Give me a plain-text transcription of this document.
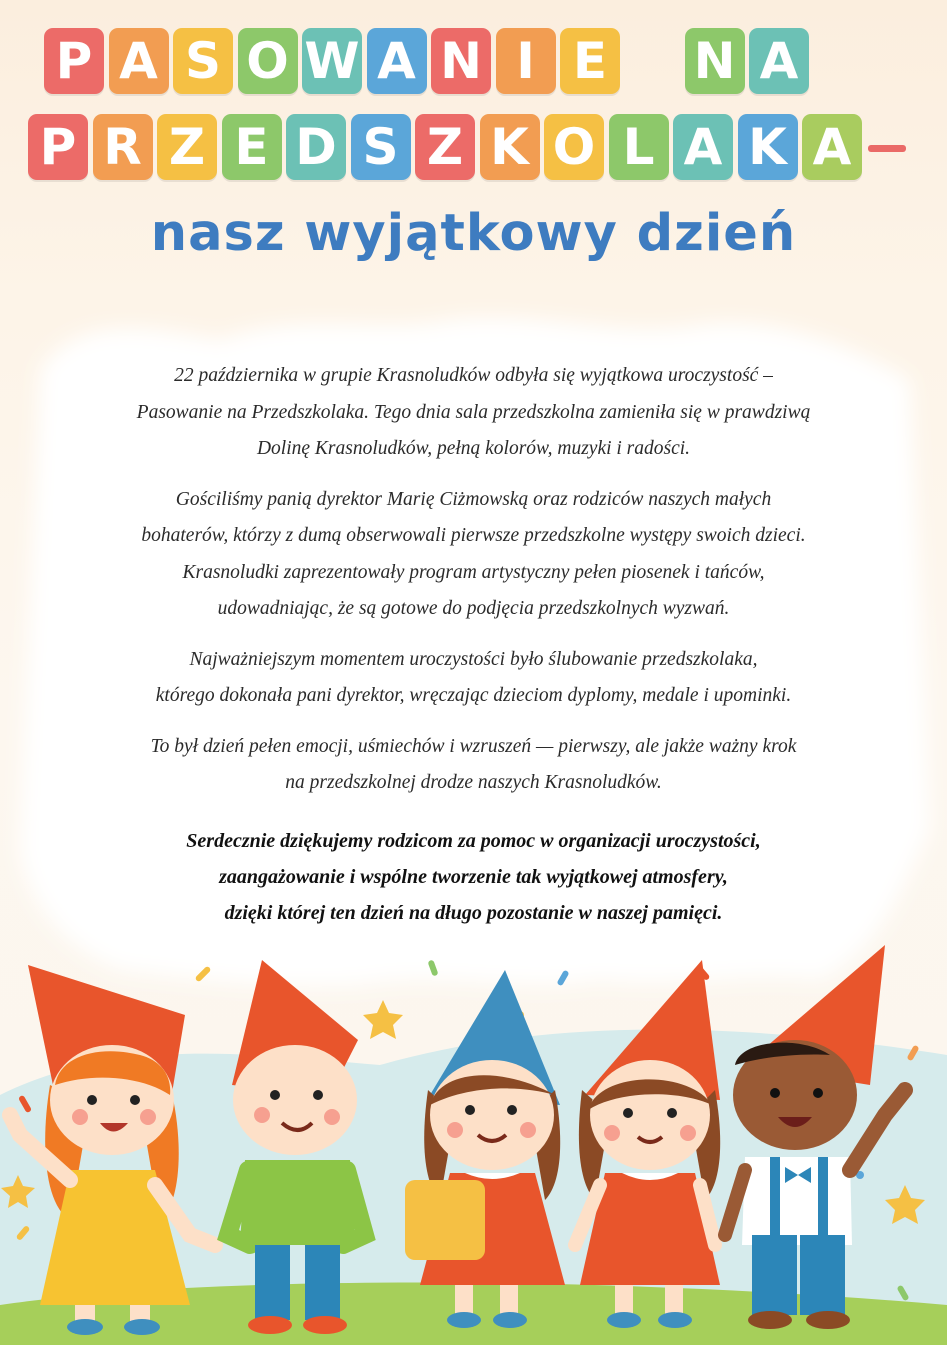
P A S O W A N I E N A
P R Z E D S Z K O L A K A
nasz wyjątkowy dzień

22 października w grupie Krasnoludków odbyła się wyjątkowa uroczystość –
Pasowanie na Przedszkolaka. Tego dnia sala przedszkolna zamieniła się w prawdziwą
Dolinę Krasnoludków, pełną kolorów, muzyki i radości.

Gościliśmy panią dyrektor Marię Ciżmowską oraz rodziców naszych małych
bohaterów, którzy z dumą obserwowali pierwsze przedszkolne występy swoich dzieci.
Krasnoludki zaprezentowały program artystyczny pełen piosenek i tańców,
udowadniając, że są gotowe do podjęcia przedszkolnych wyzwań.

Najważniejszym momentem uroczystości było ślubowanie przedszkolaka,
którego dokonała pani dyrektor, wręczając dzieciom dyplomy, medale i upominki.

To był dzień pełen emocji, uśmiechów i wzruszeń — pierwszy, ale jakże ważny krok
na przedszkolnej drodze naszych Krasnoludków.

Serdecznie dziękujemy rodzicom za pomoc w organizacji uroczystości,
zaangażowanie i wspólne tworzenie tak wyjątkowej atmosfery,
dzięki której ten dzień na długo pozostanie w naszej pamięci.
